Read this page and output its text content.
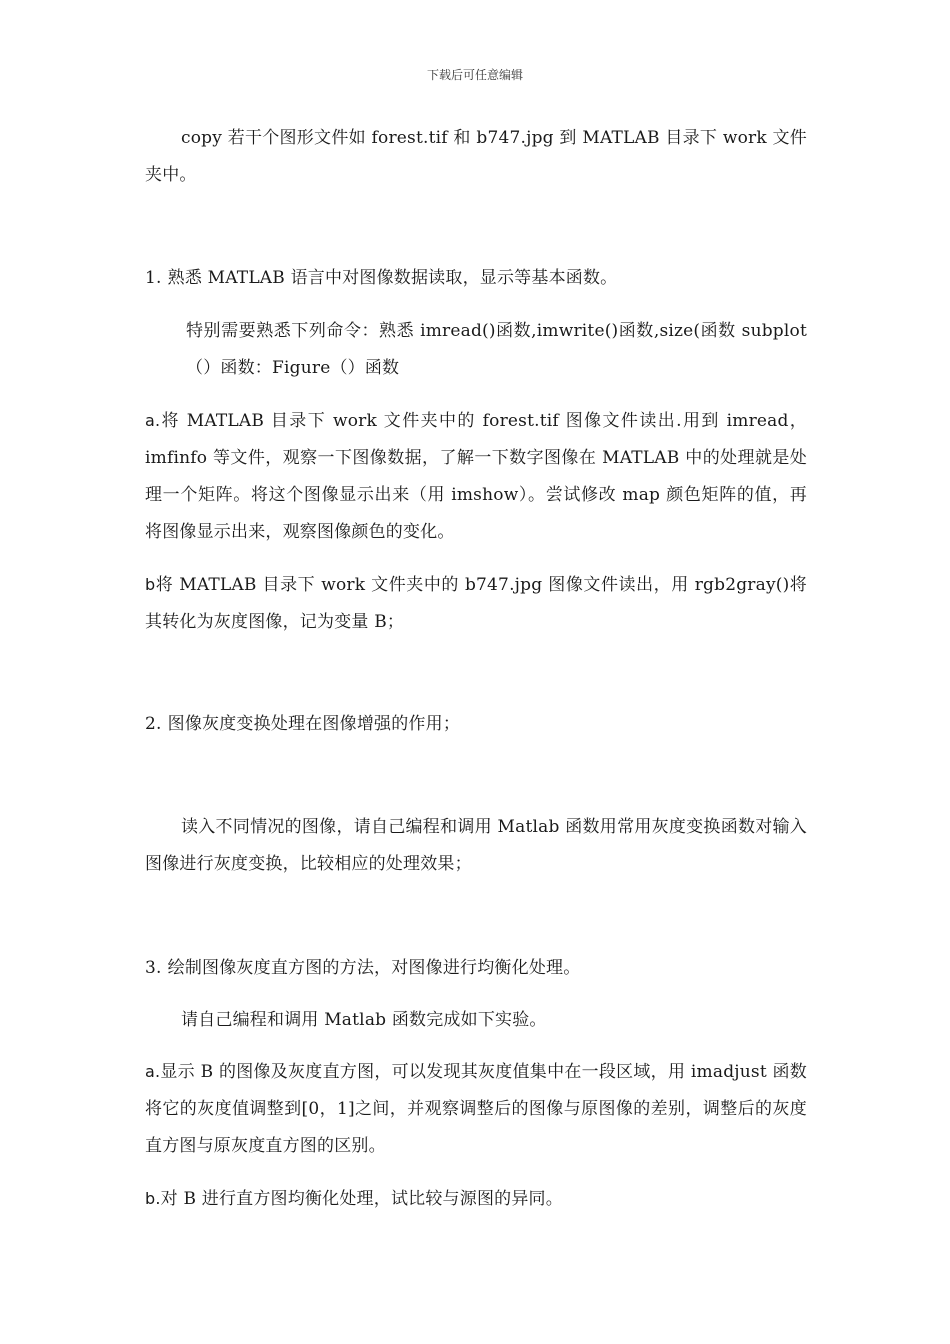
下载后可任意编辑

copy 若干个图形文件如 forest.tif 和 b747.jpg 到 MATLAB 目录下 work 文件夹中。

1. 熟悉 MATLAB 语言中对图像数据读取，显示等基本函数。

特别需要熟悉下列命令：熟悉 imread()函数,imwrite()函数,size(函数 subplot（）函数：Figure（）函数

a.将 MATLAB 目录下 work 文件夹中的 forest.tif 图像文件读出.用到 imread，imfinfo 等文件，观察一下图像数据，了解一下数字图像在 MATLAB 中的处理就是处理一个矩阵。将这个图像显示出来（用 imshow）。尝试修改 map 颜色矩阵的值，再将图像显示出来，观察图像颜色的变化。

b将 MATLAB 目录下 work 文件夹中的 b747.jpg 图像文件读出，用 rgb2gray()将其转化为灰度图像，记为变量 B；

2. 图像灰度变换处理在图像增强的作用；

读入不同情况的图像，请自己编程和调用 Matlab 函数用常用灰度变换函数对输入图像进行灰度变换，比较相应的处理效果；

3. 绘制图像灰度直方图的方法，对图像进行均衡化处理。

请自己编程和调用 Matlab 函数完成如下实验。

a.显示 B 的图像及灰度直方图，可以发现其灰度值集中在一段区域，用 imadjust 函数将它的灰度值调整到[0，1]之间，并观察调整后的图像与原图像的差别，调整后的灰度直方图与原灰度直方图的区别。

b.对 B 进行直方图均衡化处理，试比较与源图的异同。
